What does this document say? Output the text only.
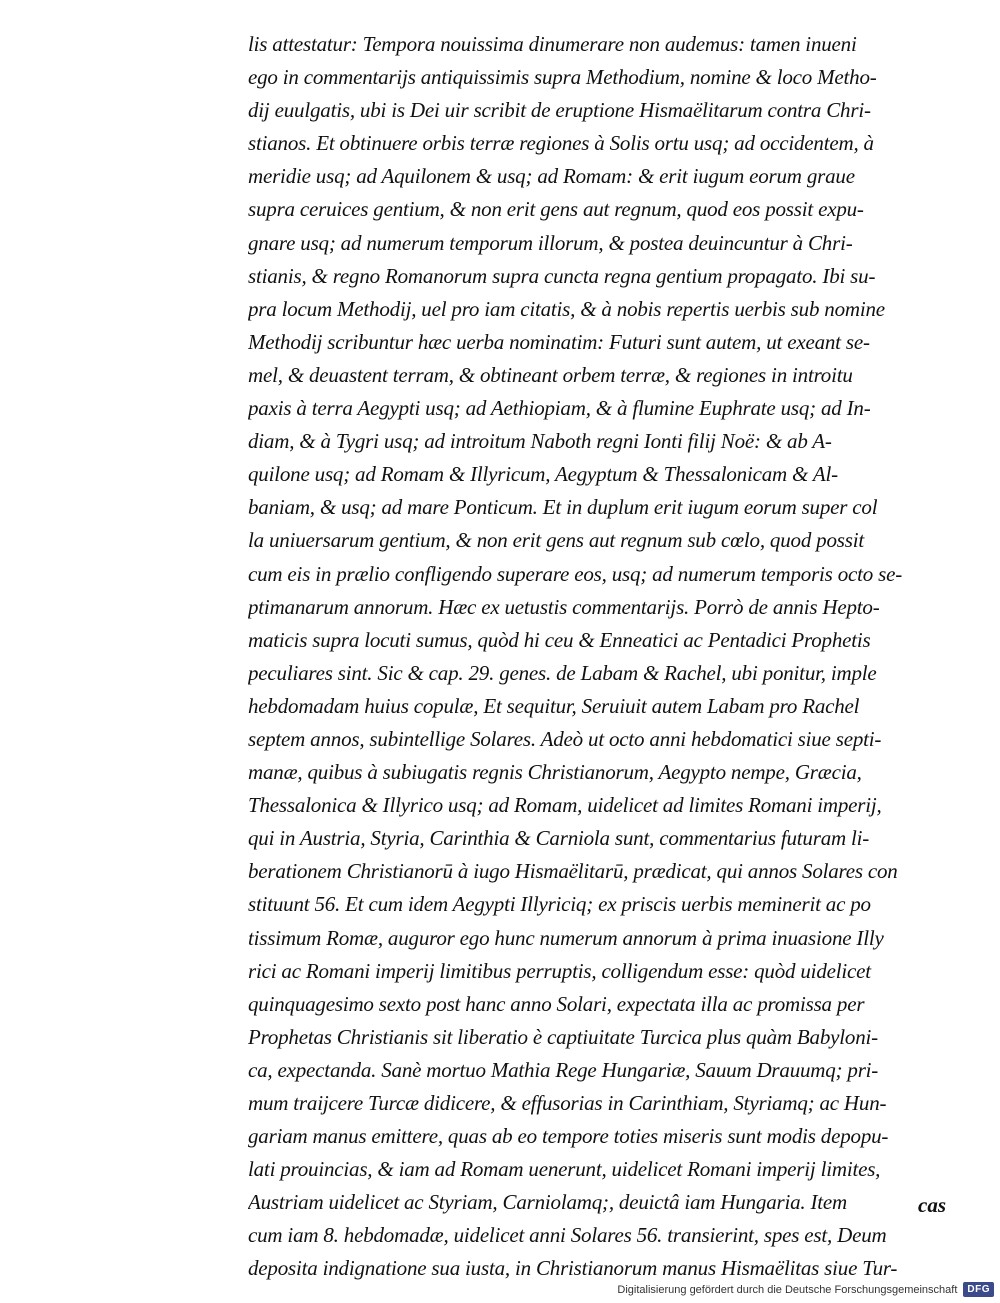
lis attestatur: Tempora nouissima dinumerare non audemus: tamen inueni
ego in commentarijs antiquissimis supra Methodium, nomine & loco Metho-
dij euulgatis, ubi is Dei uir scribit de eruptione Hismaëlitarum contra Chri-
stianos. Et obtinuere orbis terræ regiones à Solis ortu usq; ad occidentem, à
meridie usq; ad Aquilonem & usq; ad Romam: & erit iugum eorum graue
supra ceruices gentium, & non erit gens aut regnum, quod eos possit expu-
gnare usq; ad numerum temporum illorum, & postea deuincuntur à Chri-
stianis, & regno Romanorum supra cuncta regna gentium propagato. Ibi su-
pra locum Methodij, uel pro iam citatis, & à nobis repertis uerbis sub nomine
Methodij scribuntur hæc uerba nominatim: Futuri sunt autem, ut exeant se-
mel, & deuastent terram, & obtineant orbem terræ, & regiones in introitu
paxis à terra Aegypti usq; ad Aethiopiam, & à flumine Euphrate usq; ad In-
diam, & à Tygri usq; ad introitum Naboth regni Ionti filij Noë: & ab A-
quilone usq; ad Romam & Illyricum, Aegyptum & Thessalonicam & Al-
baniam, & usq; ad mare Ponticum. Et in duplum erit iugum eorum super col
la uniuersarum gentium, & non erit gens aut regnum sub cœlo, quod possit
cum eis in prælio confligendo superare eos, usq; ad numerum temporis octo se-
ptimanarum annorum. Hæc ex uetustis commentarijs. Porrò de annis Hepto-
maticis supra locuti sumus, quòd hi ceu & Enneatici ac Pentadici Prophetis
peculiares sint. Sic & cap. 29. genes. de Labam & Rachel, ubi ponitur, imple
hebdomadam huius copulæ, Et sequitur, Seruiuit autem Labam pro Rachel
septem annos, subintellige Solares. Adeò ut octo anni hebdomatici siue septi-
manæ, quibus à subiugatis regnis Christianorum, Aegypto nempe, Græcia,
Thessalonica & Illyrico usq; ad Romam, uidelicet ad limites Romani imperij,
qui in Austria, Styria, Carinthia & Carniola sunt, commentarius futuram li-
berationem Christianorū à iugo Hismaëlitarū, prædicat, qui annos Solares con
stituunt 56. Et cum idem Aegypti Illyriciq; ex priscis uerbis meminerit ac po
tissimum Romæ, auguror ego hunc numerum annorum à prima inuasione Illy
rici ac Romani imperij limitibus perruptis, colligendum esse: quòd uidelicet
quinquagesimo sexto post hanc anno Solari, expectata illa ac promissa per
Prophetas Christianis sit liberatio è captiuitate Turcica plus quàm Babyloni-
ca, expectanda. Sanè mortuo Mathia Rege Hungariæ, Sauum Drauumq; pri-
mum traijcere Turcæ didicere, & effusorias in Carinthiam, Styriamq; ac Hun-
gariam manus emittere, quas ab eo tempore toties miseris sunt modis depopu-
lati prouincias, & iam ad Romam uenerunt, uidelicet Romani imperij limites,
Austriam uidelicet ac Styriam, Carniolamq;, deuictâ iam Hungaria. Item
cum iam 8. hebdomadæ, uidelicet anni Solares 56. transierint, spes est, Deum
deposita indignatione sua iusta, in Christianorum manus Hismaëlitas siue Tur-
cas
Digitalisierung gefördert durch die Deutsche Forschungsgemeinschaft	DFG
